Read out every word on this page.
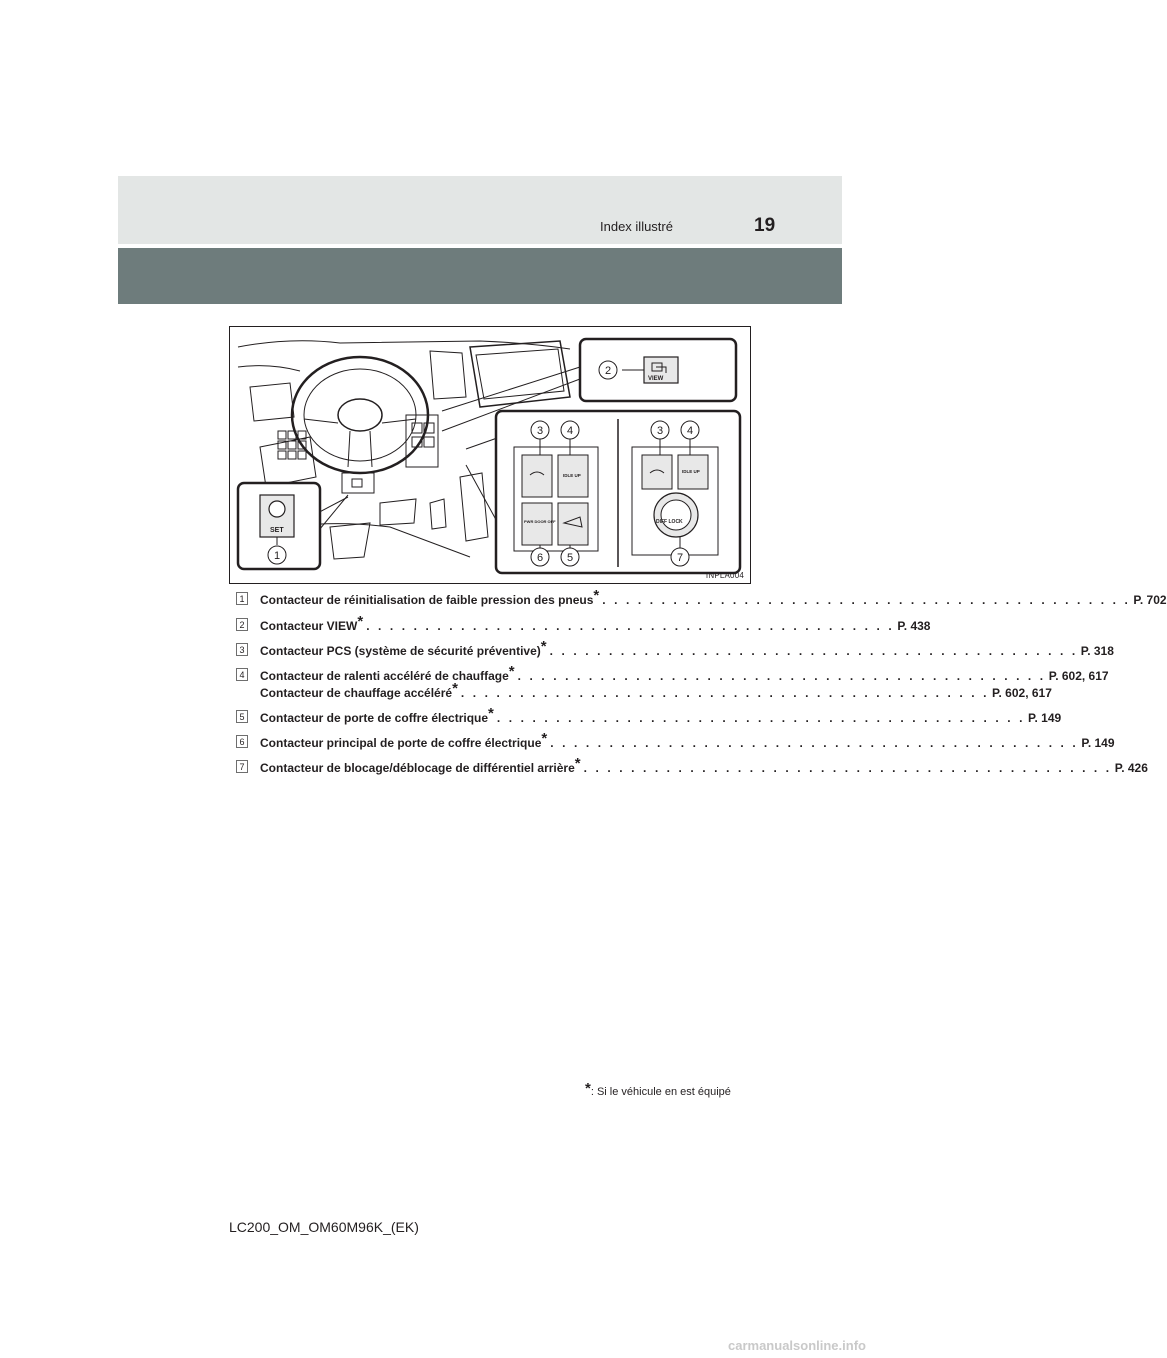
Index illustré	19
VIEW
SET
IDLE UP
PWR DOOR OFF
IDLE UP
DIFF LOCK
1
2
3 4	3 4
6 5	7
INPLA004
1 Contacteur de réinitialisation de faible pression des pneus * . . . . . . . . . . . . . . . . . . . . . . . . . . . . . . . . . . . . . . . . . . . . . P. 702
2 Contacteur VIEW * . . . . . . . . . . . . . . . . . . . . . . . . . . . . . . . . . . . . . . . . . . . . . P. 438
3 Contacteur PCS (système de sécurité préventive) * . . . . . . . . . . . . . . . . . . . . . . . . . . . . . . . . . . . . . . . . . . . . . P. 318
4 Contacteur de ralenti accéléré de chauffage * . . . . . . . . . . . . . . . . . . . . . . . . . . . . . . . . . . . . . . . . . . . . . P. 602, 617
Contacteur de chauffage accéléré * . . . . . . . . . . . . . . . . . . . . . . . . . . . . . . . . . . . . . . . . . . . . . P. 602, 617
5 Contacteur de porte de coffre électrique * . . . . . . . . . . . . . . . . . . . . . . . . . . . . . . . . . . . . . . . . . . . . . P. 149
6 Contacteur principal de porte de coffre électrique * . . . . . . . . . . . . . . . . . . . . . . . . . . . . . . . . . . . . . . . . . . . . . P. 149
7 Contacteur de blocage/déblocage de différentiel arrière * . . . . . . . . . . . . . . . . . . . . . . . . . . . . . . . . . . . . . . . . . . . . . P. 426
*: Si le véhicule en est équipé
LC200_OM_OM60M96K_(EK)
carmanualsonline.info
